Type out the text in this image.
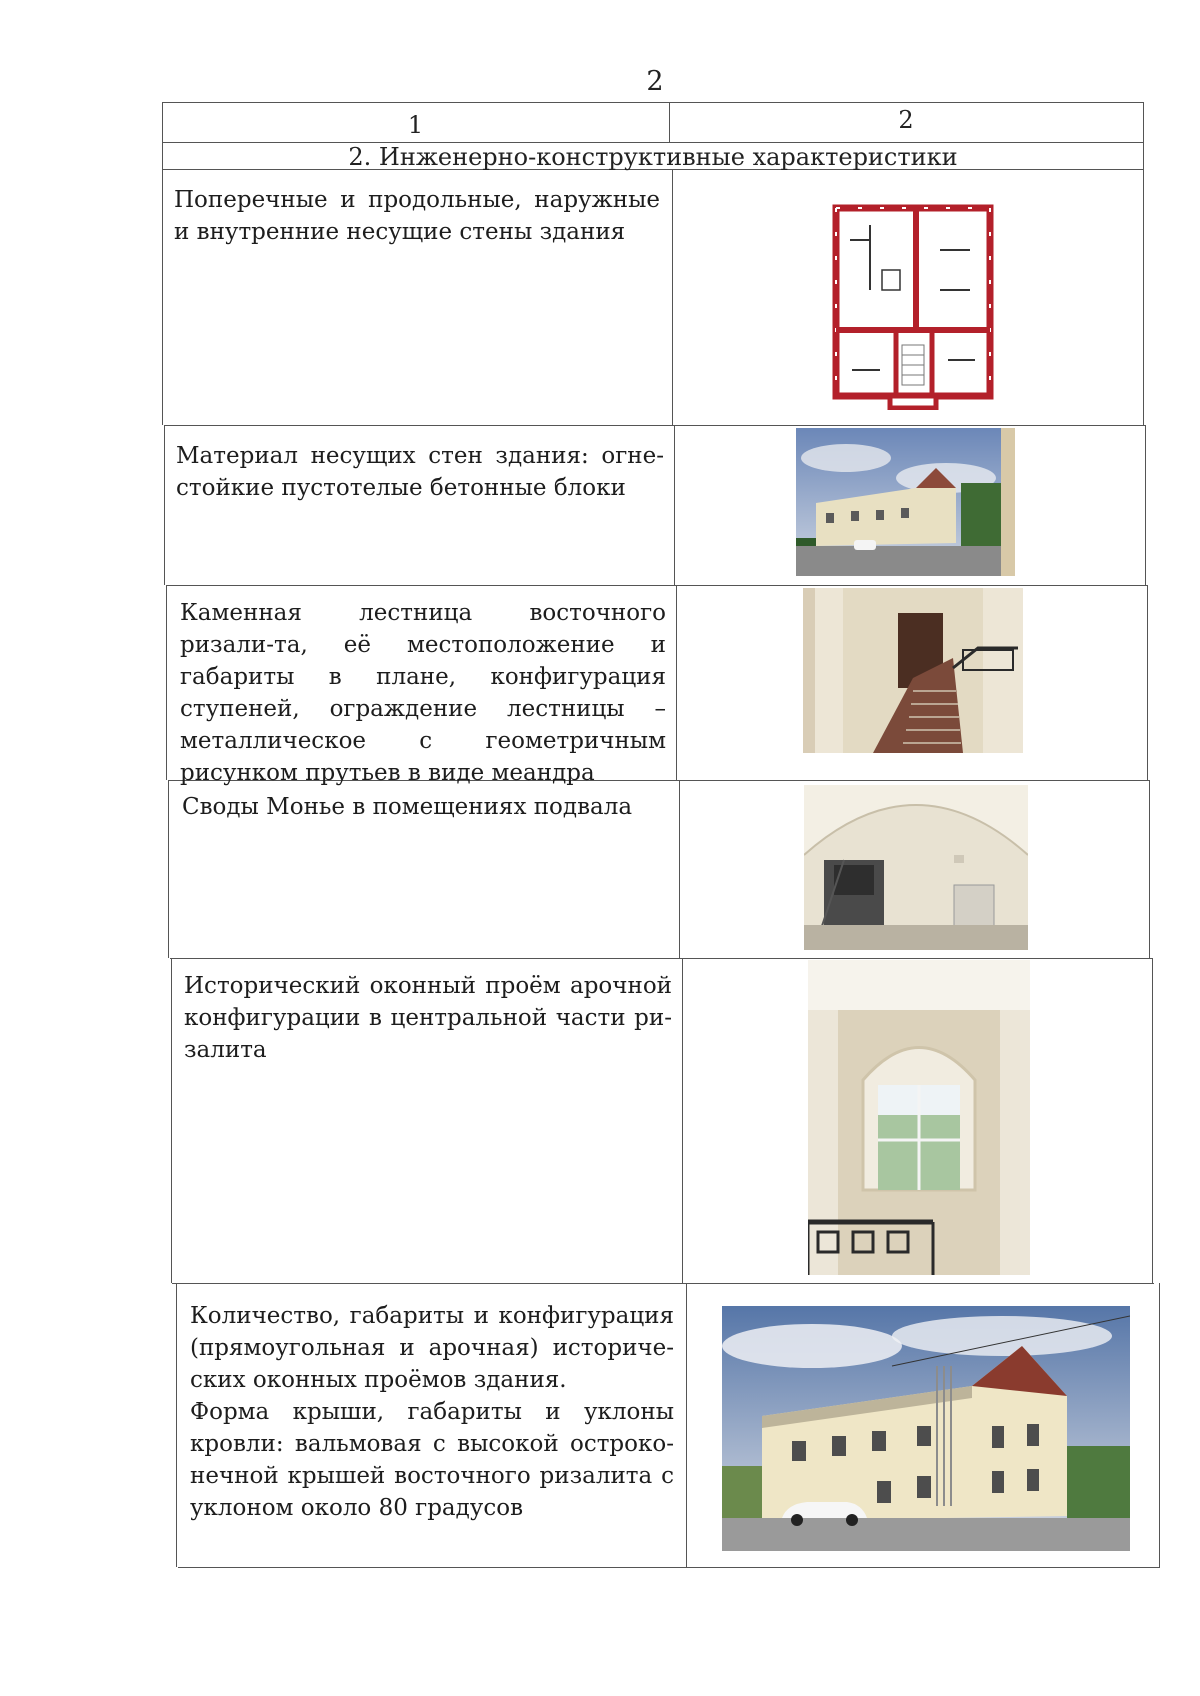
2
1	2
2. Инженерно-конструктивные характеристики
Поперечные и продольные, наружные и внутренние несущие стены здания
Материал несущих стен здания: огне-стойкие пустотелые бетонные блоки
Каменная лестница восточного ризали-та, её местоположение и габариты в плане, конфигурация ступеней, ограждение лестницы – металлическое с геометричным рисунком прутьев в виде меандра
Своды Монье в помещениях подвала
Исторический оконный проём арочной конфигурации в центральной части ри-залита
Количество, габариты и конфигурация (прямоугольная и арочная) историче-ских оконных проёмов здания.
Форма крыши, габариты и уклоны кровли: вальмовая с высокой остроко-нечной крышей восточного ризалита с уклоном около 80 градусов
